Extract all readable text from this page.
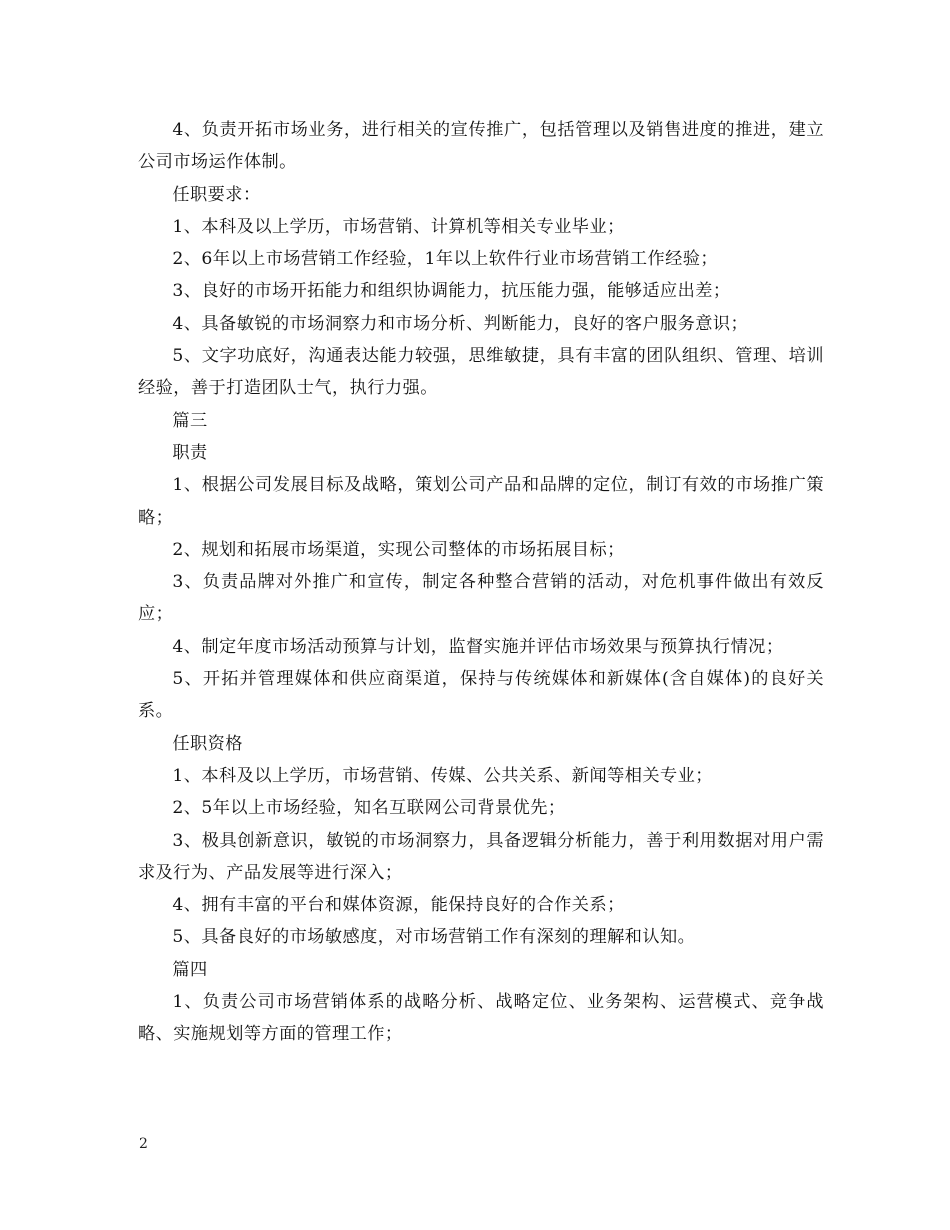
4、负责开拓市场业务，进行相关的宣传推广，包括管理以及销售进度的推进，建立公司市场运作体制。

任职要求：

1、本科及以上学历，市场营销、计算机等相关专业毕业；

2、6年以上市场营销工作经验，1年以上软件行业市场营销工作经验；

3、良好的市场开拓能力和组织协调能力，抗压能力强，能够适应出差；

4、具备敏锐的市场洞察力和市场分析、判断能力，良好的客户服务意识；

5、文字功底好，沟通表达能力较强，思维敏捷，具有丰富的团队组织、管理、培训经验，善于打造团队士气，执行力强。

篇三

职责

1、根据公司发展目标及战略，策划公司产品和品牌的定位，制订有效的市场推广策略；

2、规划和拓展市场渠道，实现公司整体的市场拓展目标；

3、负责品牌对外推广和宣传，制定各种整合营销的活动，对危机事件做出有效反应；

4、制定年度市场活动预算与计划，监督实施并评估市场效果与预算执行情况；

5、开拓并管理媒体和供应商渠道，保持与传统媒体和新媒体(含自媒体)的良好关系。

任职资格

1、本科及以上学历，市场营销、传媒、公共关系、新闻等相关专业；

2、5年以上市场经验，知名互联网公司背景优先；

3、极具创新意识，敏锐的市场洞察力，具备逻辑分析能力，善于利用数据对用户需求及行为、产品发展等进行深入；

4、拥有丰富的平台和媒体资源，能保持良好的合作关系；

5、具备良好的市场敏感度，对市场营销工作有深刻的理解和认知。

篇四

1、负责公司市场营销体系的战略分析、战略定位、业务架构、运营模式、竞争战略、实施规划等方面的管理工作；

2
